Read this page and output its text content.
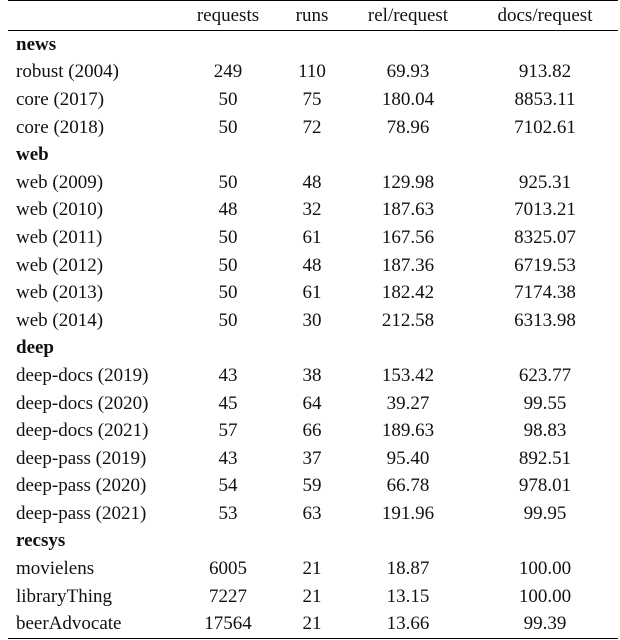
	requests	runs	rel/request	docs/request
news				
robust (2004)	249	110	69.93	913.82
core (2017)	50	75	180.04	8853.11
core (2018)	50	72	78.96	7102.61
web				
web (2009)	50	48	129.98	925.31
web (2010)	48	32	187.63	7013.21
web (2011)	50	61	167.56	8325.07
web (2012)	50	48	187.36	6719.53
web (2013)	50	61	182.42	7174.38
web (2014)	50	30	212.58	6313.98
deep				
deep-docs (2019)	43	38	153.42	623.77
deep-docs (2020)	45	64	39.27	99.55
deep-docs (2021)	57	66	189.63	98.83
deep-pass (2019)	43	37	95.40	892.51
deep-pass (2020)	54	59	66.78	978.01
deep-pass (2021)	53	63	191.96	99.95
recsys				
movielens	6005	21	18.87	100.00
libraryThing	7227	21	13.15	100.00
beerAdvocate	17564	21	13.66	99.39
